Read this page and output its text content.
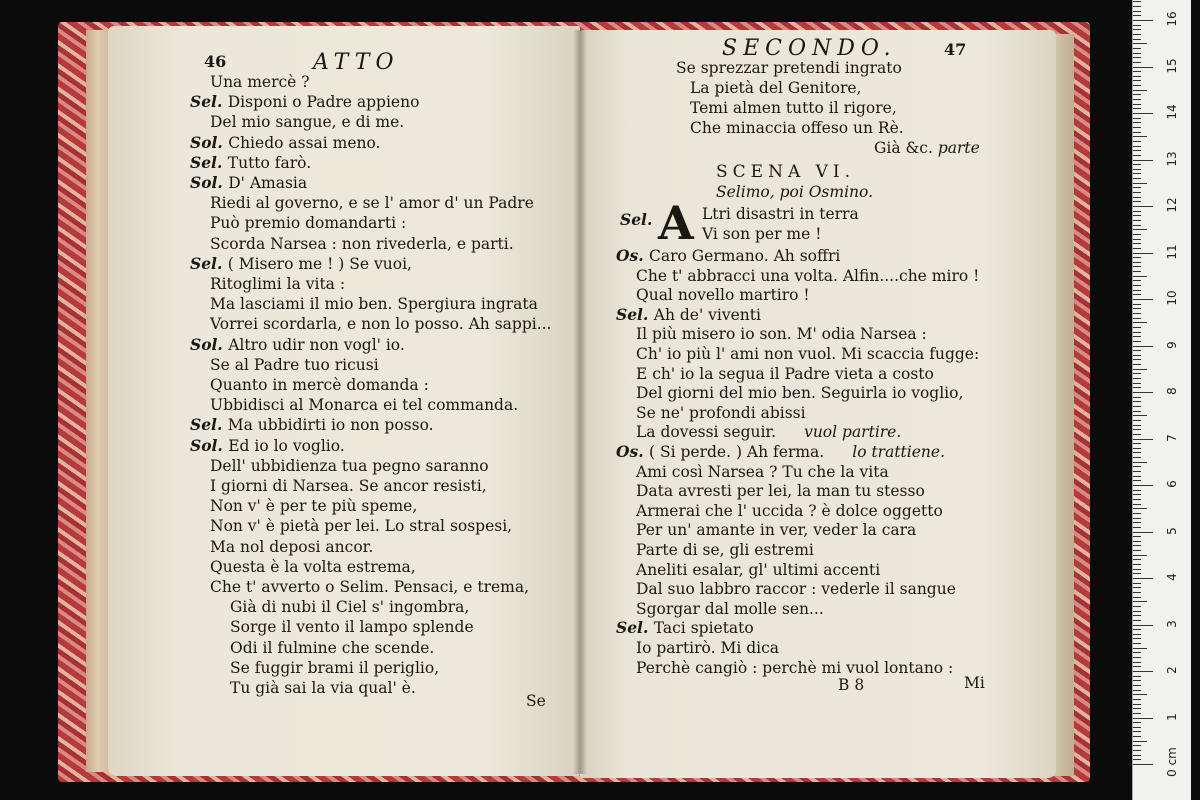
46	ATTO
Una mercè ?
Sel. Disponi o Padre appieno
Del mio sangue, e di me.
Sol. Chiedo assai meno.
Sel. Tutto farò.
Sol. D' Amasia
Riedi al governo, e se l' amor d' un Padre
Può premio domandarti :
Scorda Narsea : non rivederla, e parti.
Sel. ( Misero me ! ) Se vuoi,
Ritoglimi la vita :
Ma lasciami il mio ben. Spergiura ingrata
Vorrei scordarla, e non lo posso. Ah sappi...
Sol. Altro udir non vogl' io.
Se al Padre tuo ricusi
Quanto in mercè domanda :
Ubbidisci al Monarca ei tel commanda.
Sel. Ma ubbidirti io non posso.
Sol. Ed io lo voglio.
Dell' ubbidienza tua pegno saranno
I giorni di Narsea. Se ancor resisti,
Non v' è per te più speme,
Non v' è pietà per lei. Lo stral sospesi,
Ma nol deposi ancor.
Questa è la volta estrema,
Che t' avverto o Selim. Pensaci, e trema,
Già di nubi il Ciel s' ingombra,
Sorge il vento il lampo splende
Odi il fulmine che scende.
Se fuggir brami il periglio,
Tu già sai la via qual' è.
Se
SECONDO.	47
Se sprezzar pretendi ingrato
La pietà del Genitore,
Temi almen tutto il rigore,
Che minaccia offeso un Rè.
Già &c. parte
SCENA VI.
Selimo, poi Osmino.
Sel. A Ltri disastri in terra
Vi son per me !
Os. Caro Germano. Ah soffri
Che t' abbracci una volta. Alfin....che miro !
Qual novello martiro !
Sel. Ah de' viventi
Il più misero io son. M' odia Narsea :
Ch' io più l' ami non vuol. Mi scaccia fugge:
E ch' io la segua il Padre vieta a costo
Del giorni del mio ben. Seguirla io voglio,
Se ne' profondi abissi
La dovessi seguir. vuol partire.
Os. ( Si perde. ) Ah ferma. lo trattiene.
Ami così Narsea ? Tu che la vita
Data avresti per lei, la man tu stesso
Armerai che l' uccida ? è dolce oggetto
Per un' amante in ver, veder la cara
Parte di se, gli estremi
Aneliti esalar, gl' ultimi accenti
Dal suo labbro raccor : vederle il sangue
Sgorgar dal molle sen...
Sel. Taci spietato
Io partirò. Mi dica
Perchè cangiò : perchè mi vuol lontano :
B 8	Mi
0 cm
1
2
3
4
5
6
7
8
9
10
11
12
13
14
15
16
